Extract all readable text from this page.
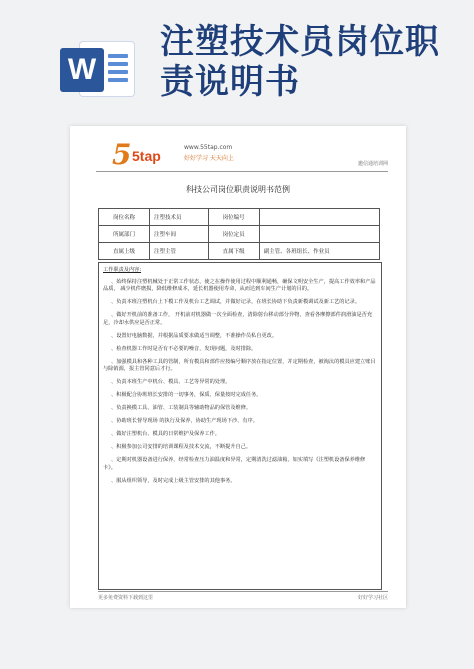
W
注塑技术员岗位职责说明书
5 5tap
www.55tap.com
好好学习 天天向上
邀信通培训网
科技公司岗位职责说明书范例
岗位名称	注塑技术员	岗位编号	
所属部门	注塑车间	岗位定员	
直属上级	注塑主管	直属下级	副主管、各班组长、作业员
工作职责及内容:

、始终保持注塑机械处于正常工作状态，使之在操作使用过程中顺利通畅，确保文明安全生产，提高工作效率和产品品质， 减少机件磨损，降低维修成本，延长机器使用寿命，从而达到车间生产计划的目的。

、负责本班注塑机台上下模工作及机台工艺调试，并做好记录，在班长协助下负责新模调试及新工艺的记录。

、做好开机前的准备工作， 开机前对机器做一次全面检查，清除射台移动部分异物，查看各摩擦部件润滑油是否充足，冷却水供应是否正常。

、设置好电脑数据，并根据品质要求做适当调整，不准操作员私自更改。

、检查机器工作时是否有不必要的噪音，发现问题，及时排除。

、加强模具和各种工具的管制，所有模具和部件应按编号顺序放在指定位置，并定期检查，被淘汰的模具应建立账目与除销源，报主管同意后才行。

、负责本班生产中机台、模具、工艺等异常的处理。

、积极配合协班班长安排的一切事务，保质、保量按时完成任务。

、负责换模工具、油管、工装制具等辅助物品的保管及维修。

、协助班长督导现场 的执行及保养，协助生产现场下沙、有序。

、做好注塑机台、模具的日常维护及保养工作。

、积极参加公司安排的培训课程及技术交流，不断提升自己。

、定期对机器设备进行保养，经常检查压力油温度和异常，定期清洗过滤油箱，如实填写《注塑机设备保养维修卡》。

、服从组织领导，及时完成上级主管安排的其他事务。

更多免费资料下载到这里	好好学习社区
